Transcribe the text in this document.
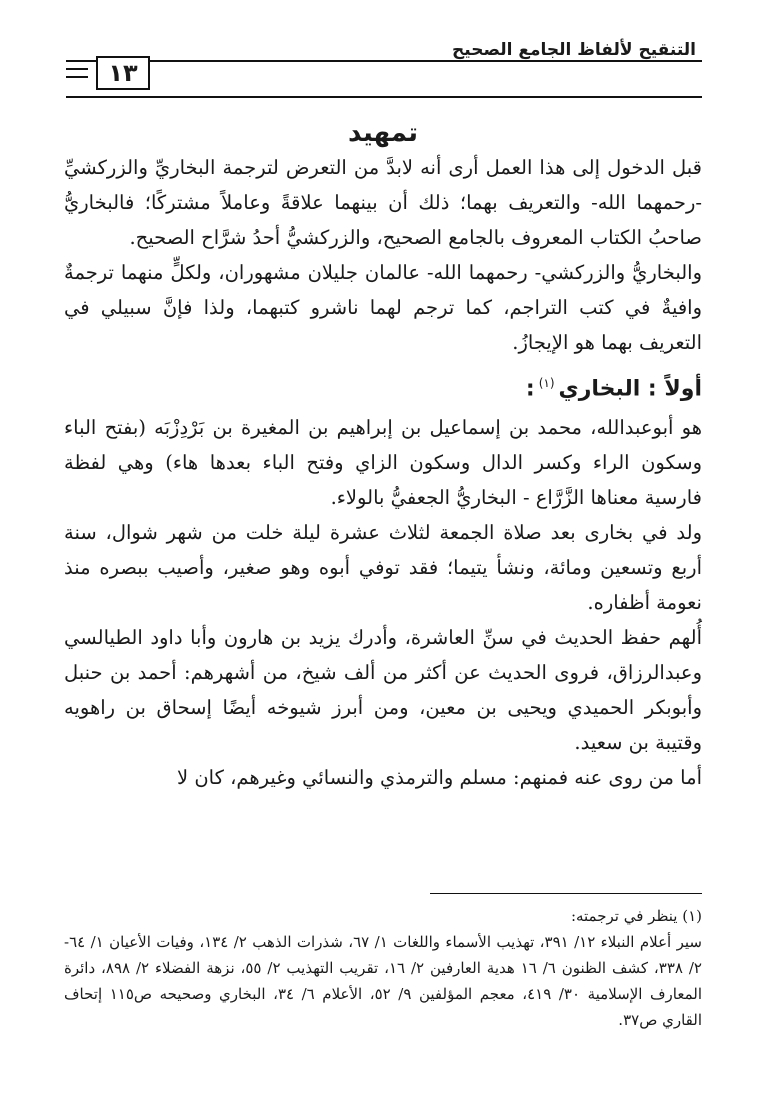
التنقيح لألفاظ الجامع الصحيح
١٣
تمهيد

قبل الدخول إلى هذا العمل أرى أنه لابدَّ من التعرض لترجمة البخاريِّ والزركشيِّ -رحمهما الله- والتعريف بهما؛ ذلك أن بينهما علاقةً وعاملاً مشتركًا؛ فالبخاريُّ صاحبُ الكتاب المعروف بالجامع الصحيح، والزركشيُّ أحدُ شرَّاح الصحيح.

والبخاريُّ والزركشي- رحمهما الله- عالمان جليلان مشهوران، ولكلٍّ منهما ترجمةٌ وافيةٌ في كتب التراجم، كما ترجم لهما ناشرو كتبهما، ولذا فإنَّ سبيلي في التعريف بهما هو الإيجازُ.

أولاً : البخاري$^{(١)}$:

هو أبوعبدالله، محمد بن إسماعيل بن إبراهيم بن المغيرة بن بَرْدِزْبَه (بفتح الباء وسكون الراء وكسر الدال وسكون الزاي وفتح الباء بعدها هاء) وهي لفظة فارسية معناها الزَّرَّاع - البخاريُّ الجعفيُّ بالولاء.

ولد في بخارى بعد صلاة الجمعة لثلاث عشرة ليلة خلت من شهر شوال، سنة أربع وتسعين ومائة، ونشأ يتيما؛ فقد توفي أبوه وهو صغير، وأصيب ببصره منذ نعومة أظفاره.

أُلهم حفظ الحديث في سنِّ العاشرة، وأدرك يزيد بن هارون وأبا داود الطيالسي وعبدالرزاق، فروى الحديث عن أكثر من ألف شيخ، من أشهرهم: أحمد بن حنبل وأبوبكر الحميدي ويحيى بن معين، ومن أبرز شيوخه أيضًا إسحاق بن راهويه وقتيبة بن سعيد.

أما من روى عنه فمنهم: مسلم والترمذي والنسائي وغيرهم، كان لا

(١) ينظر في ترجمته:

سير أعلام النبلاء ١٢/ ٣٩١، تهذيب الأسماء واللغات ١/ ٦٧، شذرات الذهب ٢/ ١٣٤، وفيات الأعيان ١/ ٦٤- ٢/ ٣٣٨، كشف الظنون ٦/ ١٦ هدية العارفين ٢/ ١٦، تقريب التهذيب ٢/ ٥٥، نزهة الفضلاء ٢/ ٨٩٨، دائرة المعارف الإسلامية ٣٠/ ٤١٩، معجم المؤلفين ٩/ ٥٢، الأعلام ٦/ ٣٤، البخاري وصحيحه ص١١٥ إتحاف القاري ص٣٧.
